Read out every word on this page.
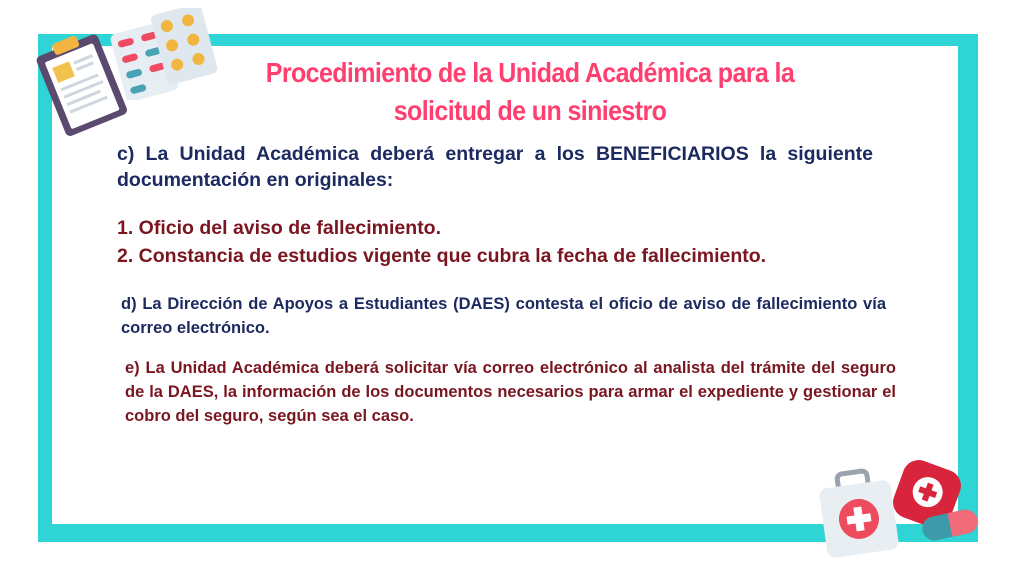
Procedimiento de la Unidad Académica para la
solicitud de un siniestro
c) La Unidad Académica deberá entregar a los BENEFICIARIOS la siguiente documentación en originales:
1. Oficio del aviso de fallecimiento.
2. Constancia de estudios vigente que cubra la fecha de fallecimiento.
d) La Dirección de Apoyos a Estudiantes (DAES) contesta el oficio de aviso de fallecimiento vía correo electrónico.
e) La Unidad Académica deberá solicitar vía correo electrónico al analista del trámite del seguro de la DAES, la información de los documentos necesarios para armar el expediente y gestionar el cobro del seguro, según sea el caso.
